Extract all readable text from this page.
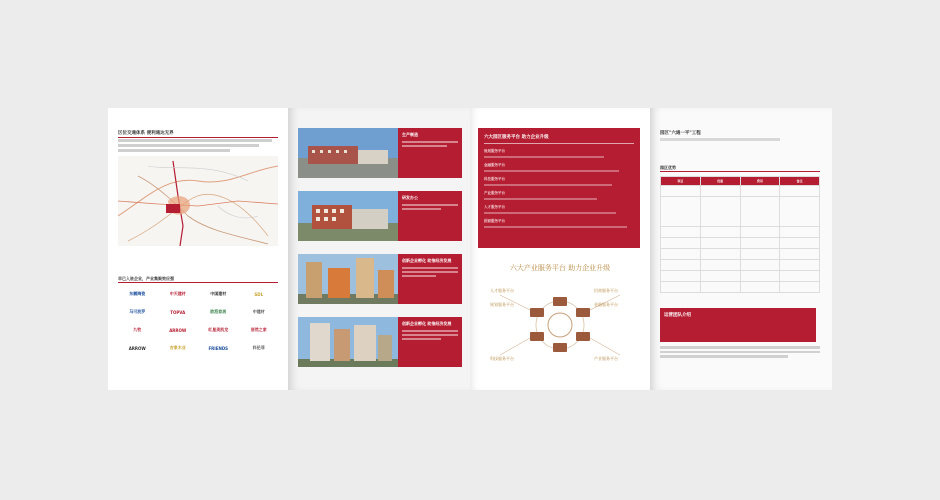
区位交通体系 便利通达无界
早已入驻企业，产业集聚效应强
东鹏陶瓷	中天建材	中国建材	SDL
马可波罗	TOPVA	欧派家居	中建材
九牧	ARROW	红星美凯龙	居然之家
ARROW	吉象木业	FRIENDS	科伦菲
生产制造
研发办公
创新企业孵化 助推经济发展
创新企业孵化 助推经济发展
六大园区服务平台 助力企业升级
规划服务平台
金融服务平台
科技服务平台
产业服务平台
人才服务平台
招商服务平台
六大产业服务平台 助力企业升级
人才服务平台	招商服务平台
规划服务平台	金融服务平台
科技服务平台	产业服务平台
园区"六通一平"工程
园区优势
项目	优惠	费用	备注

运营团队介绍
